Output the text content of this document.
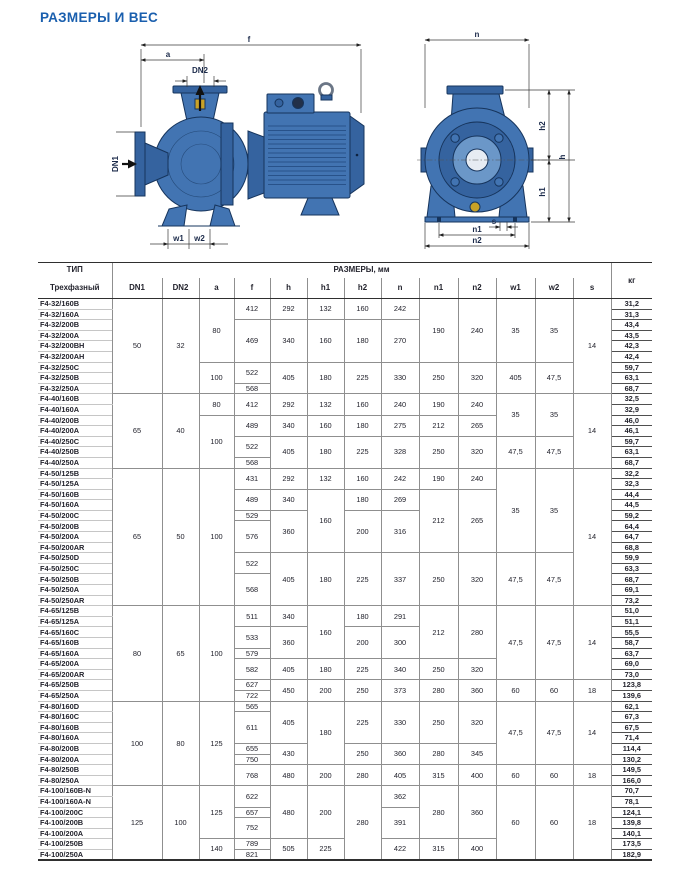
РАЗМЕРЫ И ВЕС
f
a
DN2
DN1
w1 w2
n
h2
h1
h
s
n1
n2
ТИП	РАЗМЕРЫ, мм													кг
Трехфазный	DN1	DN2	a	f	h	h1	h2	n	n1	n2	w1	w2	s	
F4-32/160B	50	32	80	412	292	132	160	242	190	240	35	35	14	31,2
F4-32/160A														31,3
F4-32/200B				469	340	160	180	270						43,4
F4-32/200A														43,5
F4-32/200BH														42,3
F4-32/200AH														42,4
F4-32/250C			100	522	405	180	225	330	250	320	405	47,5		59,7
F4-32/250B														63,1
F4-32/250A				568										68,7
F4-40/160B	65	40	80	412	292	132	160	240	190	240	35	35	14	32,5
F4-40/160A														32,9
F4-40/200B			100	489	340	160	180	275	212	265				46,0
F4-40/200A														46,1
F4-40/250C				522	405	180	225	328	250	320	47,5	47,5		59,7
F4-40/250B														63,1
F4-40/250A				568										68,7
F4-50/125B	65	50	100	431	292	132	160	242	190	240	35	35	14	32,2
F4-50/125A														32,3
F4-50/160B				489	340	160	180	269	212	265				44,4
F4-50/160A														44,5
F4-50/200C				529	360		200	316						59,2
F4-50/200B				576										64,4
F4-50/200A														64,7
F4-50/200AR														68,8
F4-50/250D				522	405	180	225	337	250	320	47,5	47,5		59,9
F4-50/250C														63,3
F4-50/250B				568										68,7
F4-50/250A														69,1
F4-50/250AR														73,2
F4-65/125B	80	65	100	511	340	160	180	291	212	280	47,5	47,5	14	51,0
F4-65/125A														51,1
F4-65/160C				533	360		200	300						55,5
F4-65/160B														58,7
F4-65/160A				579										63,7
F4-65/200A				582	405	180	225	340	250	320				69,0
F4-65/200AR														73,0
F4-65/250B				627	450	200	250	373	280	360	60	60	18	123,8
F4-65/250A				722										139,6
F4-80/160D	100	80	125	565	405	180	225	330	250	320	47,5	47,5	14	62,1
F4-80/160C				611										67,3
F4-80/160B														67,5
F4-80/160A														71,4
F4-80/200B				655	430		250	360	280	345				114,4
F4-80/200A				750										130,2
F4-80/250B				768	480	200	280	405	315	400	60	60	18	149,5
F4-80/250A														166,0
F4-100/160B-N	125	100	125	622	480	200	280	362	280	360	60	60	18	70,7
F4-100/160A-N														78,1
F4-100/200C				657				391						124,1
F4-100/200B				752										139,8
F4-100/200A														140,1
F4-100/250B			140	789	505	225		422	315	400				173,5
F4-100/250A				821										182,9
